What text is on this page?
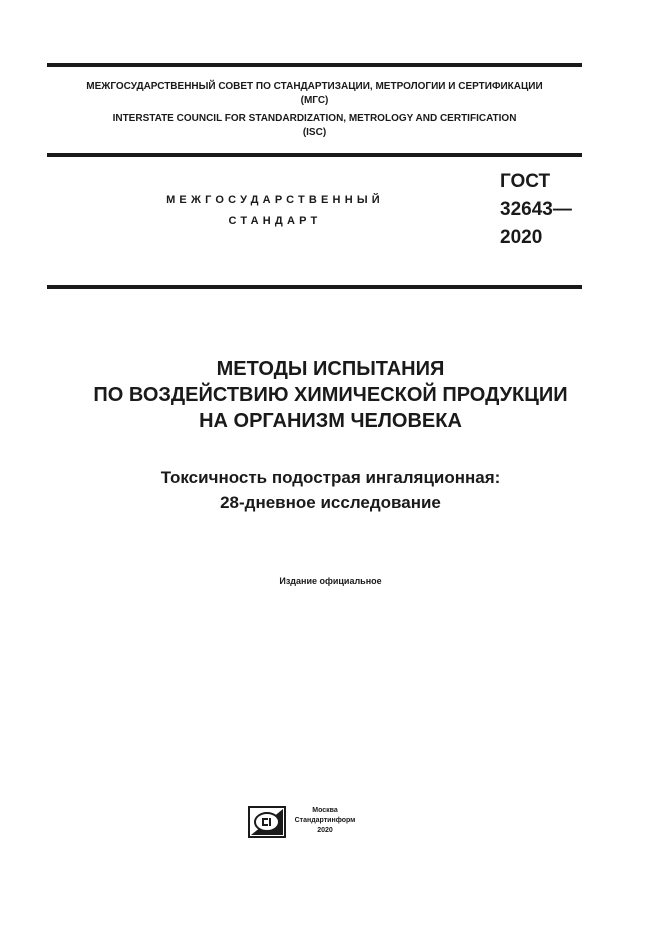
МЕЖГОСУДАРСТВЕННЫЙ СОВЕТ ПО СТАНДАРТИЗАЦИИ, МЕТРОЛОГИИ И СЕРТИФИКАЦИИ
(МГС)
INTERSTATE COUNCIL FOR STANDARDIZATION, METROLOGY AND CERTIFICATION
(ISC)
МЕЖГОСУДАРСТВЕННЫЙ
СТАНДАРТ
ГОСТ
32643—
2020
МЕТОДЫ ИСПЫТАНИЯ
ПО ВОЗДЕЙСТВИЮ ХИМИЧЕСКОЙ ПРОДУКЦИИ
НА ОРГАНИЗМ ЧЕЛОВЕКА
Токсичность подострая ингаляционная:
28-дневное исследование
Издание официальное
Москва
Стандартинформ
2020
